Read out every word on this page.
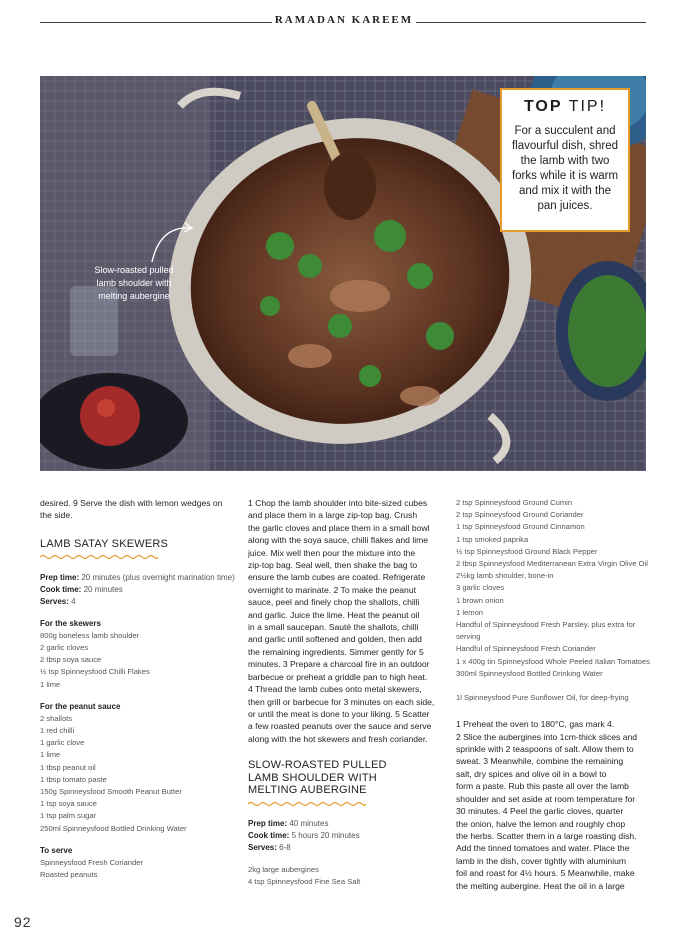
RAMADAN KAREEM
TOP TIP!
For a succulent and
flavourful dish, shred
the lamb with two
forks while it is warm
and mix it with the
pan juices.
Slow-roasted pulled
lamb shoulder with
melting aubergine
desired. 9 Serve the dish with lemon wedges on
the side.
LAMB SATAY SKEWERS
Prep time: 20 minutes (plus overnight marination time)
Cook time: 20 minutes
Serves: 4
For the skewers
800g boneless lamb shoulder
2 garlic cloves
2 tbsp soya sauce
½ tsp Spinneysfood Chilli Flakes
1 lime
For the peanut sauce
2 shallots
1 red chilli
1 garlic clove
1 lime
1 tbsp peanut oil
1 tbsp tomato paste
150g Spinneysfood Smooth Peanut Butter
1 tsp soya sauce
1 tsp palm sugar
250ml Spinneysfood Bottled Drinking Water
To serve
Spinneysfood Fresh Coriander
Roasted peanuts
1 Chop the lamb shoulder into bite-sized cubes
and place them in a large zip-top bag. Crush
the garlic cloves and place them in a small bowl
along with the soya sauce, chilli flakes and lime
juice. Mix well then pour the mixture into the
zip-top bag. Seal well, then shake the bag to
ensure the lamb cubes are coated. Refrigerate
overnight to marinate. 2 To make the peanut
sauce, peel and finely chop the shallots, chilli
and garlic. Juice the lime. Heat the peanut oil
in a small saucepan. Sauté the shallots, chilli
and garlic until softened and golden, then add
the remaining ingredients. Simmer gently for 5
minutes. 3 Prepare a charcoal fire in an outdoor
barbecue or preheat a griddle pan to high heat.
4 Thread the lamb cubes onto metal skewers,
then grill or barbecue for 3 minutes on each side,
or until the meat is done to your liking. 5 Scatter
a few roasted peanuts over the sauce and serve
along with the hot skewers and fresh coriander.
SLOW-ROASTED PULLED
LAMB SHOULDER WITH
MELTING AUBERGINE
Prep time: 40 minutes
Cook time: 5 hours 20 minutes
Serves: 6-8
2kg large aubergines
4 tsp Spinneysfood Fine Sea Salt
2 tsp Spinneysfood Ground Cumin
2 tsp Spinneysfood Ground Coriander
1 tsp Spinneysfood Ground Cinnamon
1 tsp smoked paprika
½ tsp Spinneysfood Ground Black Pepper
2 tbsp Spinneysfood Mediterranean Extra Virgin Olive Oil
2½kg lamb shoulder, bone-in
3 garlic cloves
1 brown onion
1 lemon
Handful of Spinneysfood Fresh Parsley, plus extra for serving
Handful of Spinneysfood Fresh Coriander
1 x 400g tin Spinneysfood Whole Peeled Italian Tomatoes
300ml Spinneysfood Bottled Drinking Water
1l Spinneysfood Pure Sunflower Oil, for deep-frying
1 Preheat the oven to 180°C, gas mark 4.
2 Slice the aubergines into 1cm-thick slices and
sprinkle with 2 teaspoons of salt. Allow them to
sweat. 3 Meanwhile, combine the remaining
salt, dry spices and olive oil in a bowl to
form a paste. Rub this paste all over the lamb
shoulder and set aside at room temperature for
30 minutes. 4 Peel the garlic cloves, quarter
the onion, halve the lemon and roughly chop
the herbs. Scatter them in a large roasting dish.
Add the tinned tomatoes and water. Place the
lamb in the dish, cover tightly with aluminium
foil and roast for 4½ hours. 5 Meanwhile, make
the melting aubergine. Heat the oil in a large
92
